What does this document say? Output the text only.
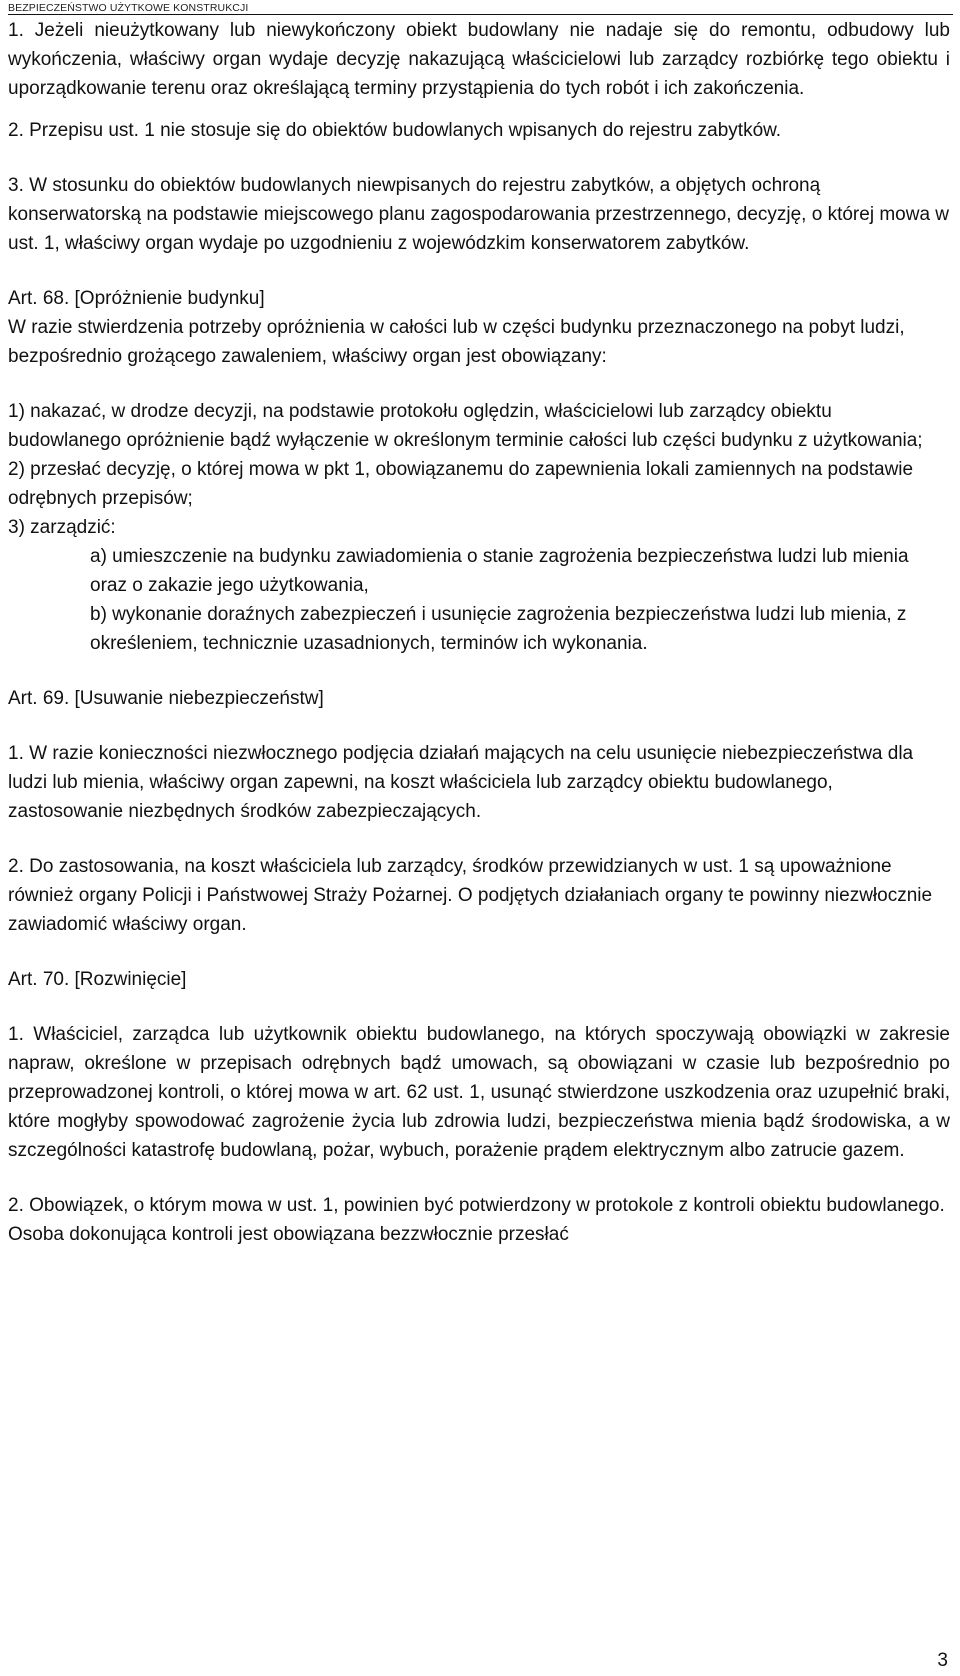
BEZPIECZEŃSTWO UŻYTKOWE KONSTRUKCJI

1. Jeżeli nieużytkowany lub niewykończony obiekt budowlany nie nadaje się do remontu, odbudowy lub wykończenia, właściwy organ wydaje decyzję nakazującą właścicielowi lub zarządcy rozbiórkę tego obiektu i uporządkowanie terenu oraz określającą terminy przystąpienia do tych robót i ich zakończenia.

2. Przepisu ust. 1 nie stosuje się do obiektów budowlanych wpisanych do rejestru zabytków.

3. W stosunku do obiektów budowlanych niewpisanych do rejestru zabytków, a objętych ochroną konserwatorską na podstawie miejscowego planu zagospodarowania przestrzennego, decyzję, o której mowa w ust. 1, właściwy organ wydaje po uzgodnieniu z wojewódzkim konserwatorem zabytków.

Art. 68. [Opróżnienie budynku]

W razie stwierdzenia potrzeby opróżnienia w całości lub w części budynku przeznaczonego na pobyt ludzi, bezpośrednio grożącego zawaleniem, właściwy organ jest obowiązany:

1) nakazać, w drodze decyzji, na podstawie protokołu oględzin, właścicielowi lub zarządcy obiektu budowlanego opróżnienie bądź wyłączenie w określonym terminie całości lub części budynku z użytkowania;

2) przesłać decyzję, o której mowa w pkt 1, obowiązanemu do zapewnienia lokali zamiennych na podstawie odrębnych przepisów;

3) zarządzić:

a) umieszczenie na budynku zawiadomienia o stanie zagrożenia bezpieczeństwa ludzi lub mienia oraz o zakazie jego użytkowania,

b) wykonanie doraźnych zabezpieczeń i usunięcie zagrożenia bezpieczeństwa ludzi lub mienia, z określeniem, technicznie uzasadnionych, terminów ich wykonania.

Art. 69. [Usuwanie niebezpieczeństw]

1. W razie konieczności niezwłocznego podjęcia działań mających na celu usunięcie niebezpieczeństwa dla ludzi lub mienia, właściwy organ zapewni, na koszt właściciela lub zarządcy obiektu budowlanego, zastosowanie niezbędnych środków zabezpieczających.

2. Do zastosowania, na koszt właściciela lub zarządcy, środków przewidzianych w ust. 1 są upoważnione również organy Policji i Państwowej Straży Pożarnej. O podjętych działaniach organy te powinny niezwłocznie zawiadomić właściwy organ.

Art. 70. [Rozwinięcie]

1. Właściciel, zarządca lub użytkownik obiektu budowlanego, na których spoczywają obowiązki w zakresie napraw, określone w przepisach odrębnych bądź umowach, są obowiązani w czasie lub bezpośrednio po przeprowadzonej kontroli, o której mowa w art. 62 ust. 1, usunąć stwierdzone uszkodzenia oraz uzupełnić braki, które mogłyby spowodować zagrożenie życia lub zdrowia ludzi, bezpieczeństwa mienia bądź środowiska, a w szczególności katastrofę budowlaną, pożar, wybuch, porażenie prądem elektrycznym albo zatrucie gazem.

2. Obowiązek, o którym mowa w ust. 1, powinien być potwierdzony w protokole z kontroli obiektu budowlanego. Osoba dokonująca kontroli jest obowiązana bezzwłocznie przesłać

3
